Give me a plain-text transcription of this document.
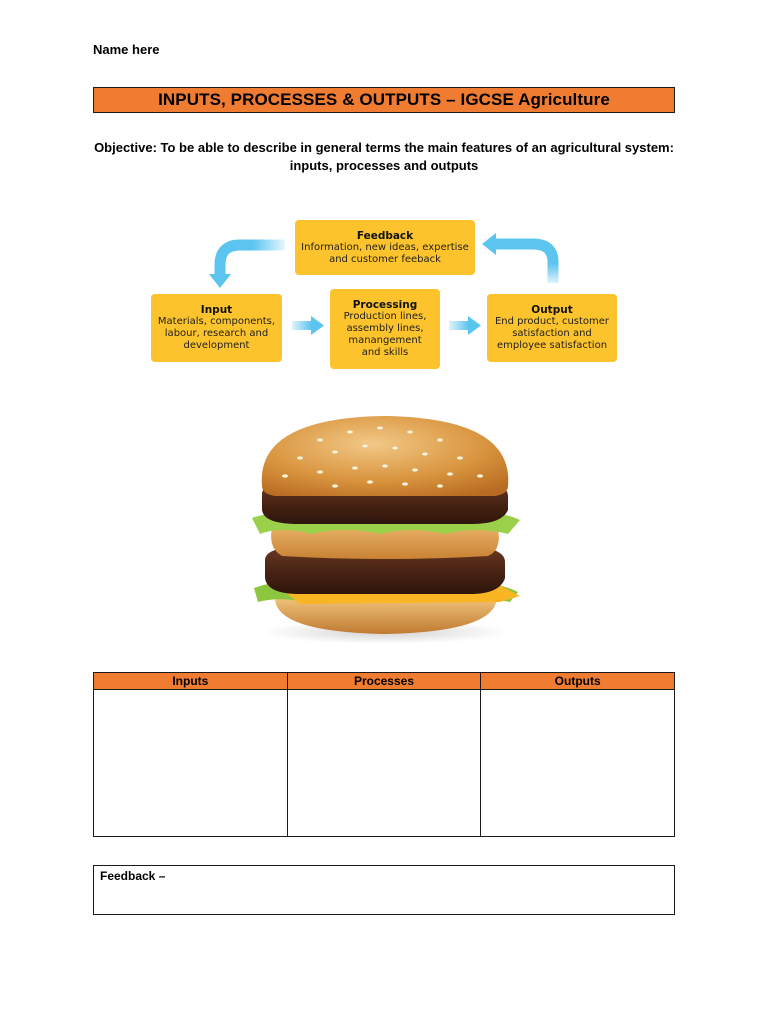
Name here
INPUTS, PROCESSES & OUTPUTS – IGCSE Agriculture
Objective: To be able to describe in general terms the main features of an agricultural system:
inputs, processes and outputs
Feedback
Information, new ideas, expertise
and customer feeback
Input
Materials, components,
labour, research and
development
Processing
Production lines,
assembly lines,
manangement
and skills
Output
End product, customer
satisfaction and
employee satisfaction
Inputs	Processes	Outputs

Feedback –
